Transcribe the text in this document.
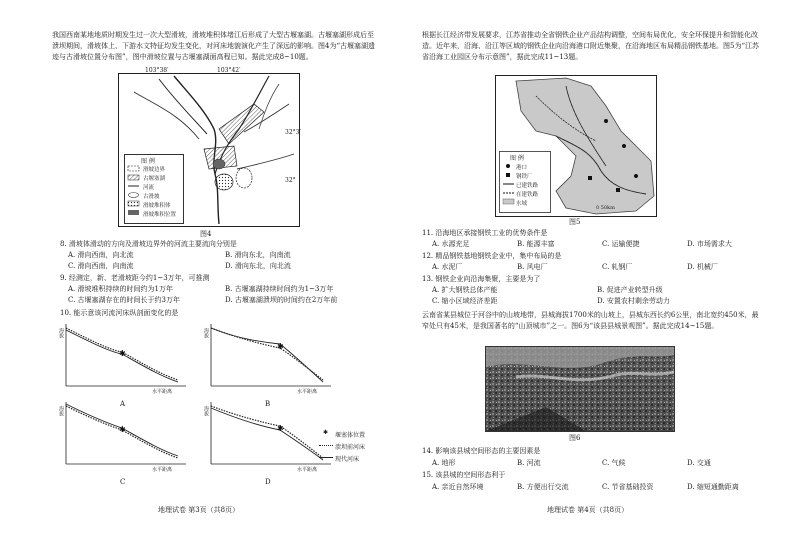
我国西南某地地质时期发生过一次大型滑坡，滑坡堆积体堵江后形成了大型古堰塞湖。古堰塞湖形成后至溃坝期间，滑坡体上、下游水文特征均发生变化，对河床地貌演化产生了深远的影响。图4为“古堰塞湖遗迹与古滑坡位置分布图”，图中滑坡位置与古堰塞湖面高程已知。据此完成8~10题。
103°38′	103°42′
32°3′
32°
图 例
滑坡边界
古堰塞湖
河流
古滑坡
滑坡堆积体
滑坡堆积位置
图4
8. 滑坡体滑动的方向及滑坡边界外的河流主要流向分别是
A. 滑向西南，向北流	B. 滑向东北，向南流
C. 滑向西南，向南流	D. 滑向东北，向北流
9. 经测定，新、老滑坡距今约1~3万年，可推测
A. 滑坡堆积持续的时间约为1万年	B. 古堰塞湖持续时间约为1~3万年
C. 古堰塞湖存在的时间长于约3万年	D. 古堰塞湖溃坝的时间约在2万年前
10. 能示意该河流河床纵剖面变化的是
✱
海拔
水平距离
A
✱
海拔
水平距离
B
✱
海拔
水平距离
C
✱
海拔
水平距离
D
✱ 堰塞体位置
溃坝前河床
现代河床
地理试卷 第3页（共8页）
根据长江经济带发展要求，江苏省推动全省钢铁企业产品结构调整，空间布局优化，安全环保提升和智能化改造。近年来，沿海、沿江等区域的钢铁企业向沿海港口附近集聚，在沿海地区布局精品钢铁基地。图5为“江苏省沿海工业园区分布示意图”，据此完成11~13题。
图 例
港口
钢铁厂
已建铁路
在建铁路
水域
0 50km
图5
11. 沿海地区承接钢铁工业的优势条件是
A. 水源充足	B. 能源丰富	C. 运输便捷	D. 市场需求大
12. 精品钢铁基地钢铁企业中，集中布局的是
A. 水泥厂	B. 风电厂	C. 轧钢厂	D. 机械厂
13. 钢铁企业向沿海集聚，主要是为了
A. 扩大钢铁总体产能	B. 促进产业转型升级
C. 缩小区域经济差距	D. 安置农村剩余劳动力
云南省某县城位于河谷中的山坡地带，县城海拔1700米的山坡上，县城东西长约6公里，南北宽约450米，最窄处只有45米，是我国著名的“山顶城市”之一。图6为“该县县城景观图”。据此完成14~15题。
图6
14. 影响该县城空间形态的主要因素是
A. 地形	B. 河流	C. 气候	D. 交通
15. 该县城的空间形态利于
A. 亲近自然环境	B. 方便出行交流	C. 节省基础投资	D. 缩短通勤距离
地理试卷 第4页（共8页）
